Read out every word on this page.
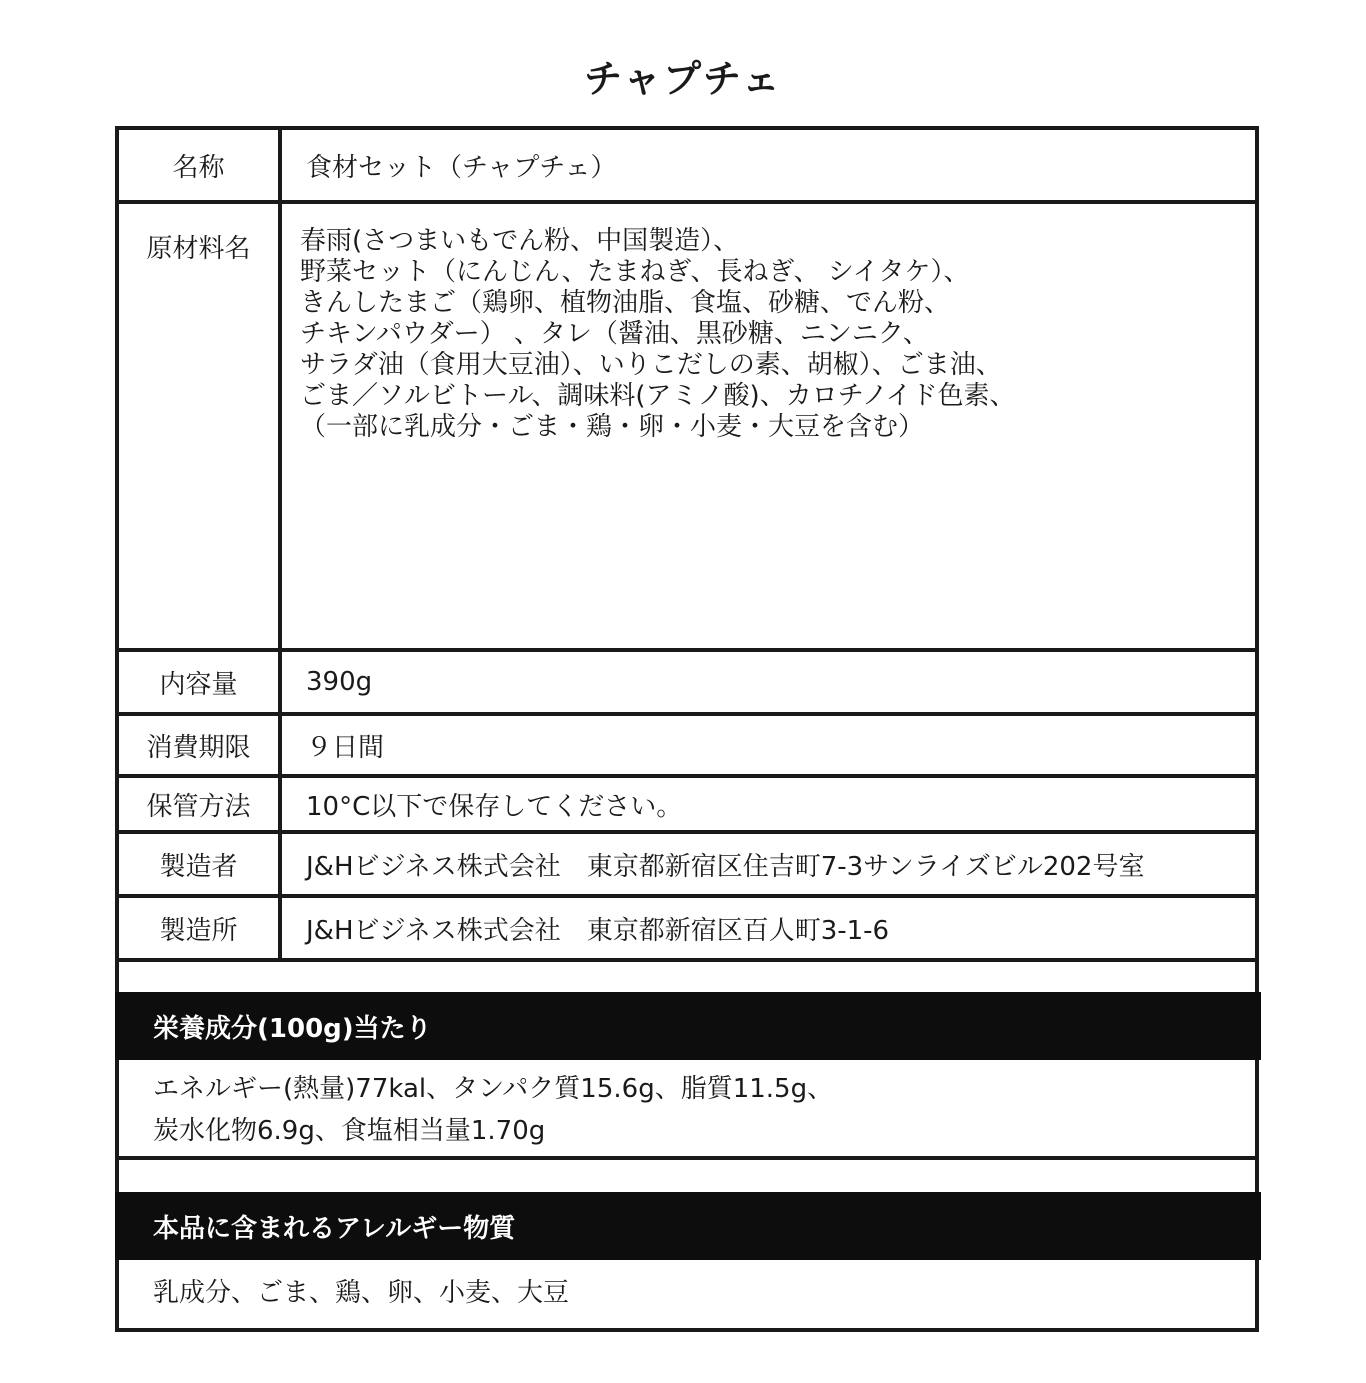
チャプチェ
名称	食材セット（チャプチェ）
原材料名	春雨(さつまいもでん粉、中国製造）、
野菜セット（にんじん、たまねぎ、長ねぎ、 シイタケ）、
きんしたまご（鶏卵、植物油脂、食塩、砂糖、でん粉、
チキンパウダー） 、タレ（醤油、黒砂糖、ニンニク、
サラダ油（食用大豆油）、いりこだしの素、胡椒）、ごま油、
ごま／ソルビトール、調味料(アミノ酸)、カロチノイド色素、
（一部に乳成分・ごま・鶏・卵・小麦・大豆を含む）
内容量	390g
消費期限	９日間
保管方法	10°C以下で保存してください。
製造者	J&Hビジネス株式会社　東京都新宿区住吉町7-3サンライズビル202号室
製造所	J&Hビジネス株式会社　東京都新宿区百人町3-1-6
栄養成分(100g)当たり
エネルギー(熱量)77kal、タンパク質15.6g、脂質11.5g、
炭水化物6.9g、食塩相当量1.70g
本品に含まれるアレルギー物質
乳成分、ごま、鶏、卵、小麦、大豆
